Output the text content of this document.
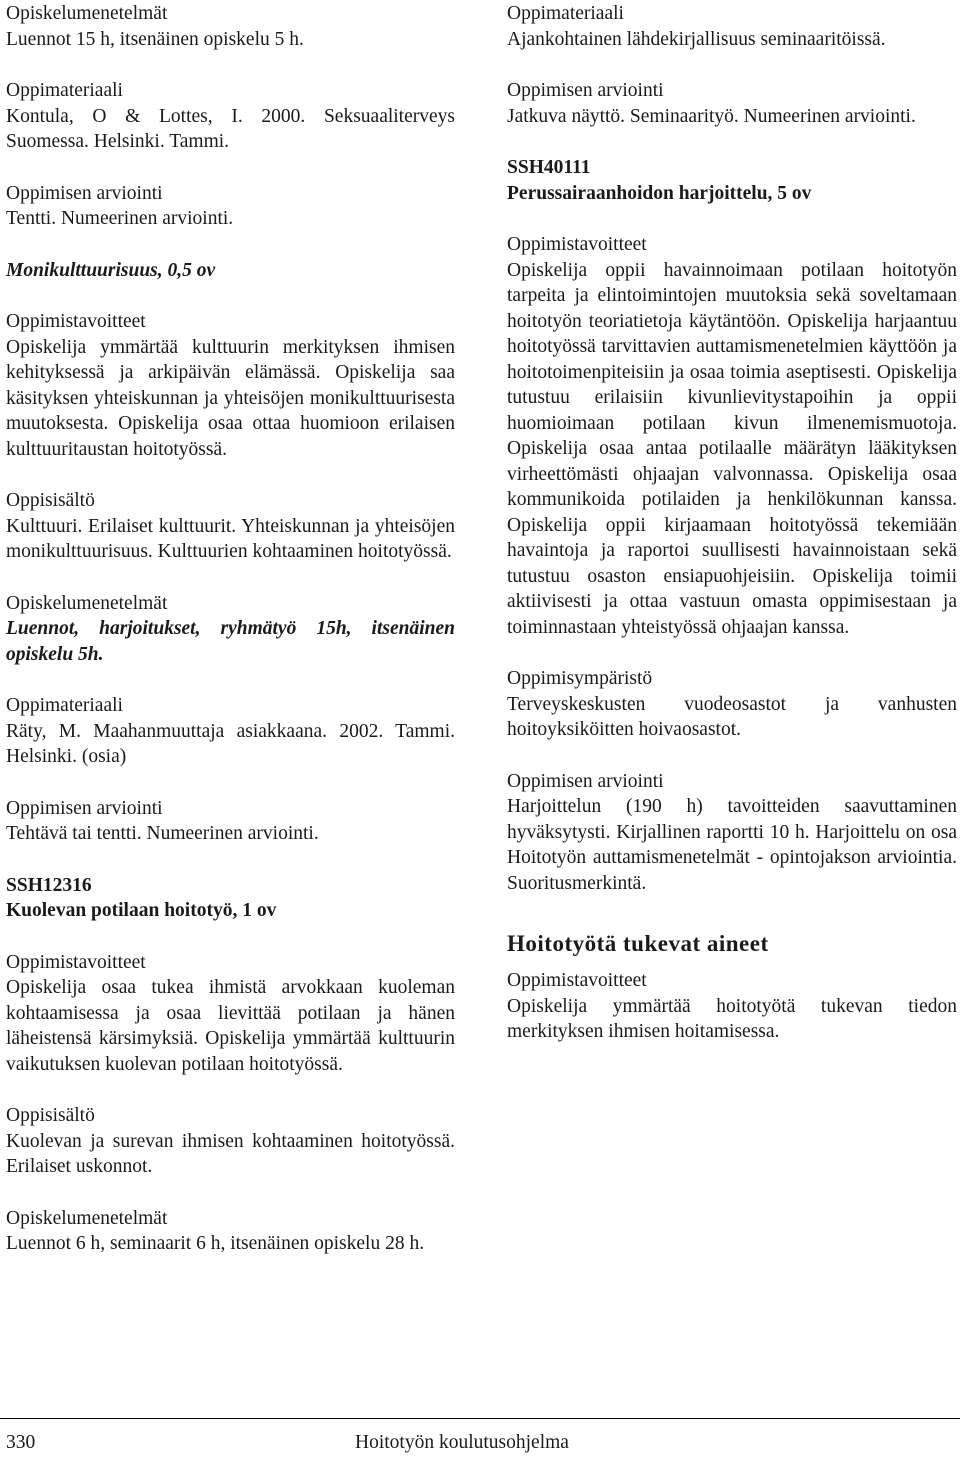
Opiskelumenetelmät
Luennot 15 h, itsenäinen opiskelu 5 h.
Oppimateriaali
Kontula, O & Lottes, I. 2000. Seksuaaliterveys Suomessa. Helsinki. Tammi.
Oppimisen arviointi
Tentti. Numeerinen arviointi.
Monikulttuurisuus, 0,5 ov
Oppimistavoitteet
Opiskelija ymmärtää kulttuurin merkityksen ihmisen kehityksessä ja arkipäivän elämässä. Opiskelija saa käsityksen yhteiskunnan ja yhteisöjen monikulttuurisesta muutoksesta. Opiskelija osaa ottaa huomioon erilaisen kulttuuritaustan hoitotyössä.
Oppisisältö
Kulttuuri. Erilaiset kulttuurit. Yhteiskunnan ja yhteisöjen monikulttuurisuus. Kulttuurien kohtaaminen hoitotyössä.
Opiskelumenetelmät
Luennot, harjoitukset, ryhmätyö 15h, itsenäinen opiskelu 5h.
Oppimateriaali
Räty, M. Maahanmuuttaja asiakkaana. 2002. Tammi. Helsinki. (osia)
Oppimisen arviointi
Tehtävä tai tentti. Numeerinen arviointi.
SSH12316
Kuolevan potilaan hoitotyö, 1 ov
Oppimistavoitteet
Opiskelija osaa tukea ihmistä arvokkaan kuoleman kohtaamisessa ja osaa lievittää potilaan ja hänen läheistensä kärsimyksiä. Opiskelija ymmärtää kulttuurin vaikutuksen kuolevan potilaan hoitotyössä.
Oppisisältö
Kuolevan ja surevan ihmisen kohtaaminen hoitotyössä. Erilaiset uskonnot.
Opiskelumenetelmät
Luennot 6 h, seminaarit 6 h, itsenäinen opiskelu 28 h.
Oppimateriaali
Ajankohtainen lähdekirjallisuus seminaaritöissä.
Oppimisen arviointi
Jatkuva näyttö. Seminaarityö. Numeerinen arviointi.
SSH40111
Perussairaanhoidon harjoittelu, 5 ov
Oppimistavoitteet
Opiskelija oppii havainnoimaan potilaan hoitotyön tarpeita ja elintoimintojen muutoksia sekä soveltamaan hoitotyön teoriatietoja käytäntöön. Opiskelija harjaantuu hoitotyössä tarvittavien auttamismenetelmien käyttöön ja hoitotoimenpiteisiin ja osaa toimia aseptisesti. Opiskelija tutustuu erilaisiin kivunlievitystapoihin ja oppii huomioimaan potilaan kivun ilmenemismuotoja. Opiskelija osaa antaa potilaalle määrätyn lääkityksen virheettömästi ohjaajan valvonnassa. Opiskelija osaa kommunikoida potilaiden ja henkilökunnan kanssa. Opiskelija oppii kirjaamaan hoitotyössä tekemiään havaintoja ja raportoi suullisesti havainnoistaan sekä tutustuu osaston ensiapuohjeisiin. Opiskelija toimii aktiivisesti ja ottaa vastuun omasta oppimisestaan ja toiminnastaan yhteistyössä ohjaajan kanssa.
Oppimisympäristö
Terveyskeskusten vuodeosastot ja vanhusten hoitoyksiköitten hoivaosastot.
Oppimisen arviointi
Harjoittelun (190 h) tavoitteiden saavuttaminen hyväksytysti. Kirjallinen raportti 10 h. Harjoittelu on osa Hoitotyön auttamismenetelmät - opintojakson arviointia. Suoritusmerkintä.
Hoitotyötä tukevat aineet
Oppimistavoitteet
Opiskelija ymmärtää hoitotyötä tukevan tiedon merkityksen ihmisen hoitamisessa.
330	Hoitotyön koulutusohjelma
